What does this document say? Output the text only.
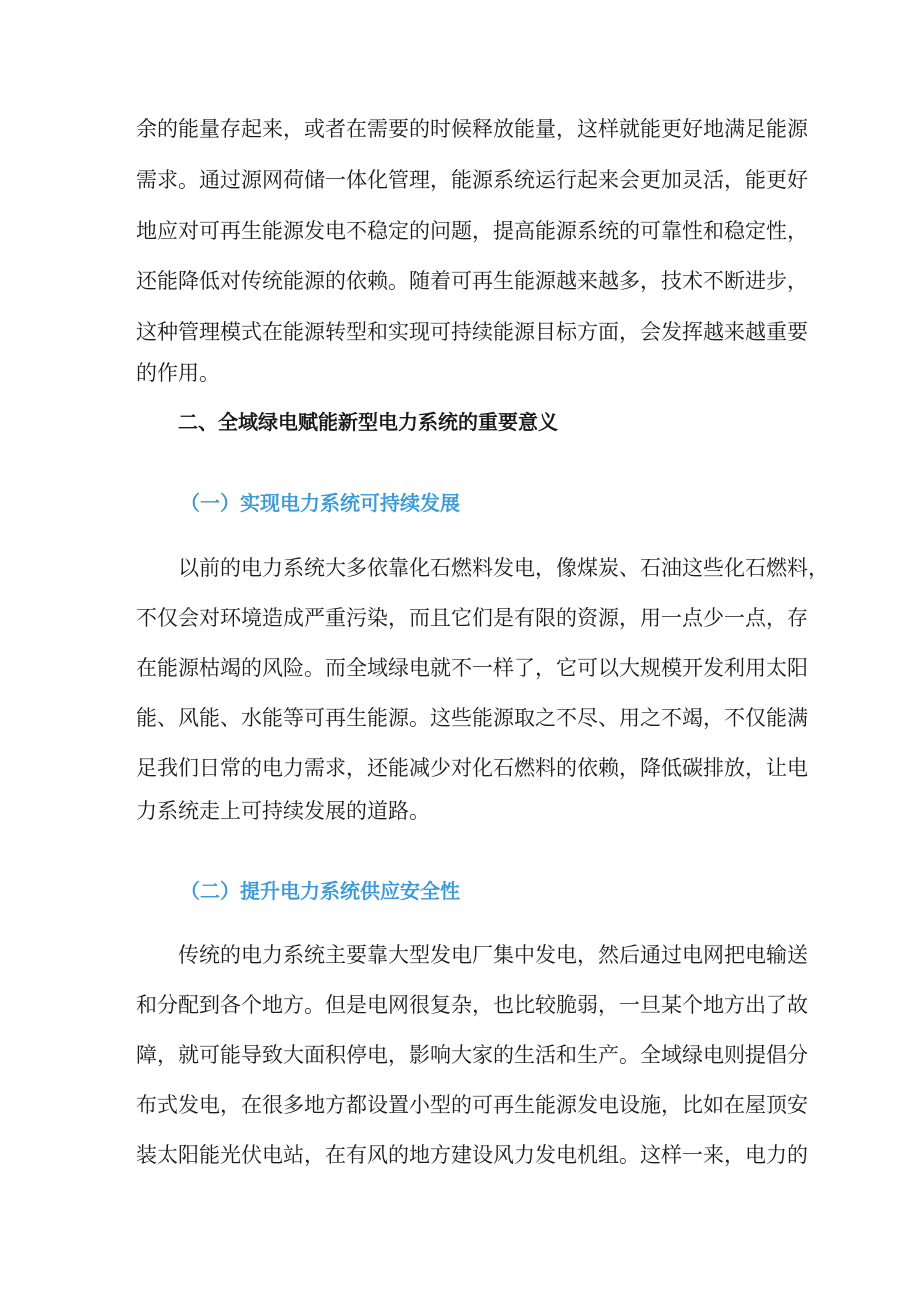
余的能量存起来，或者在需要的时候释放能量，这样就能更好地满足能源
需求。通过源网荷储一体化管理，能源系统运行起来会更加灵活，能更好
地应对可再生能源发电不稳定的问题，提高能源系统的可靠性和稳定性，
还能降低对传统能源的依赖。随着可再生能源越来越多，技术不断进步，
这种管理模式在能源转型和实现可持续能源目标方面，会发挥越来越重要
的作用。
二、全域绿电赋能新型电力系统的重要意义
（一）实现电力系统可持续发展
以前的电力系统大多依靠化石燃料发电，像煤炭、石油这些化石燃料，
不仅会对环境造成严重污染，而且它们是有限的资源，用一点少一点，存
在能源枯竭的风险。而全域绿电就不一样了，它可以大规模开发利用太阳
能、风能、水能等可再生能源。这些能源取之不尽、用之不竭，不仅能满
足我们日常的电力需求，还能减少对化石燃料的依赖，降低碳排放，让电
力系统走上可持续发展的道路。
（二）提升电力系统供应安全性
传统的电力系统主要靠大型发电厂集中发电，然后通过电网把电输送
和分配到各个地方。但是电网很复杂，也比较脆弱，一旦某个地方出了故
障，就可能导致大面积停电，影响大家的生活和生产。全域绿电则提倡分
布式发电，在很多地方都设置小型的可再生能源发电设施，比如在屋顶安
装太阳能光伏电站，在有风的地方建设风力发电机组。这样一来，电力的
